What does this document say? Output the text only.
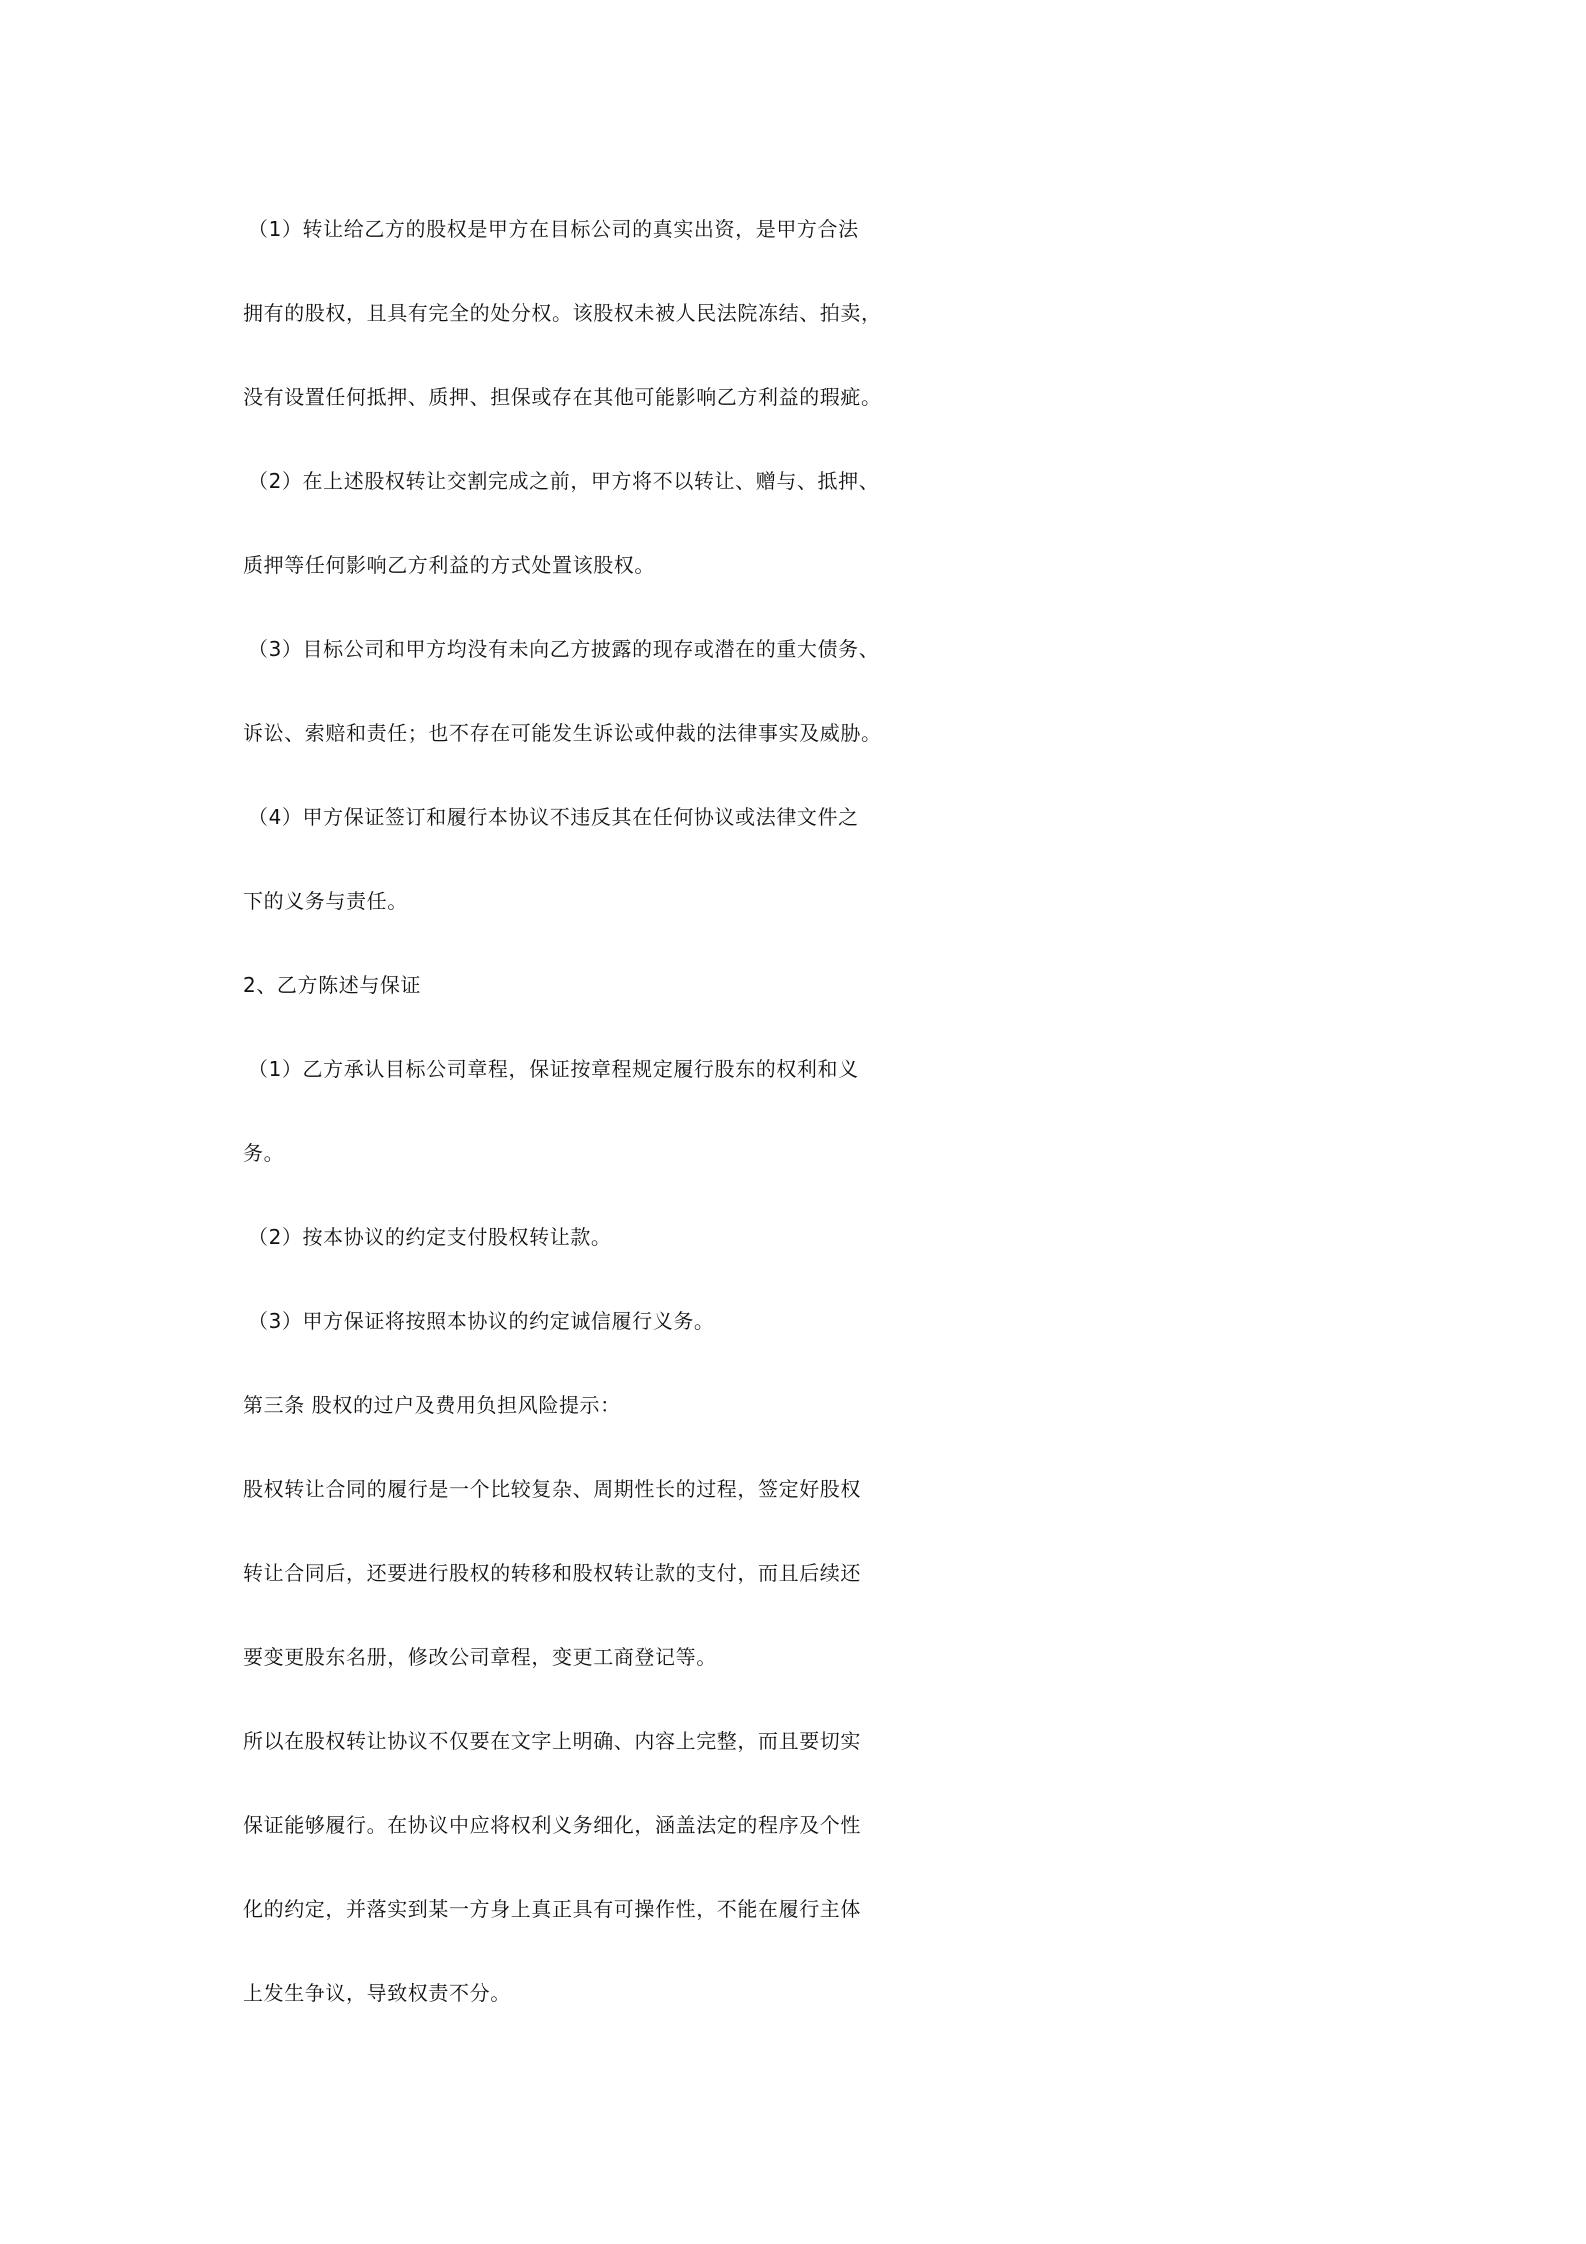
（1）转让给乙方的股权是甲方在目标公司的真实出资，是甲方合法
拥有的股权，且具有完全的处分权。该股权未被人民法院冻结、拍卖，
没有设置任何抵押、质押、担保或存在其他可能影响乙方利益的瑕疵。
（2）在上述股权转让交割完成之前，甲方将不以转让、赠与、抵押、
质押等任何影响乙方利益的方式处置该股权。
（3）目标公司和甲方均没有未向乙方披露的现存或潜在的重大债务、
诉讼、索赔和责任；也不存在可能发生诉讼或仲裁的法律事实及威胁。
（4）甲方保证签订和履行本协议不违反其在任何协议或法律文件之
下的义务与责任。
2、乙方陈述与保证
（1）乙方承认目标公司章程，保证按章程规定履行股东的权利和义
务。
（2）按本协议的约定支付股权转让款。
（3）甲方保证将按照本协议的约定诚信履行义务。
第三条 股权的过户及费用负担风险提示：
股权转让合同的履行是一个比较复杂、周期性长的过程，签定好股权
转让合同后，还要进行股权的转移和股权转让款的支付，而且后续还
要变更股东名册，修改公司章程，变更工商登记等。
所以在股权转让协议不仅要在文字上明确、内容上完整，而且要切实
保证能够履行。在协议中应将权利义务细化，涵盖法定的程序及个性
化的约定，并落实到某一方身上真正具有可操作性，不能在履行主体
上发生争议，导致权责不分。
